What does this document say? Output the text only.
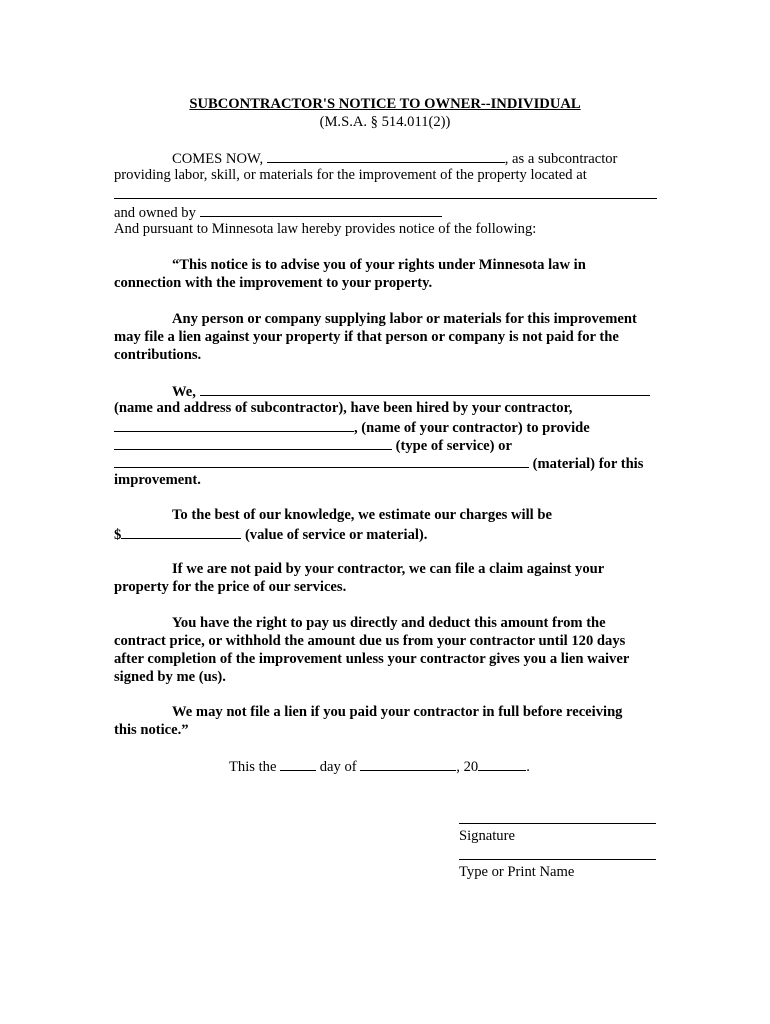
SUBCONTRACTOR'S NOTICE TO OWNER--INDIVIDUAL
(M.S.A. § 514.011(2))
COMES NOW,	, as a subcontractor
providing labor, skill, or materials for the improvement of the property located at
and owned by
And pursuant to Minnesota law hereby provides notice of the following:
“This notice is to advise you of your rights under Minnesota law in
connection with the improvement to your property.
Any person or company supplying labor or materials for this improvement
may file a lien against your property if that person or company is not paid for the
contributions.
We,
(name and address of subcontractor), have been hired by your contractor,
, (name of your contractor) to provide
(type of service) or
(material) for this
improvement.
To the best of our knowledge, we estimate our charges will be
$	(value of service or material).
If we are not paid by your contractor, we can file a claim against your
property for the price of our services.
You have the right to pay us directly and deduct this amount from the
contract price, or withhold the amount due us from your contractor until 120 days
after completion of the improvement unless your contractor gives you a lien waiver
signed by me (us).
We may not file a lien if you paid your contractor in full before receiving
this notice.”
This the	day of	, 20	.
Signature
Type or Print Name
